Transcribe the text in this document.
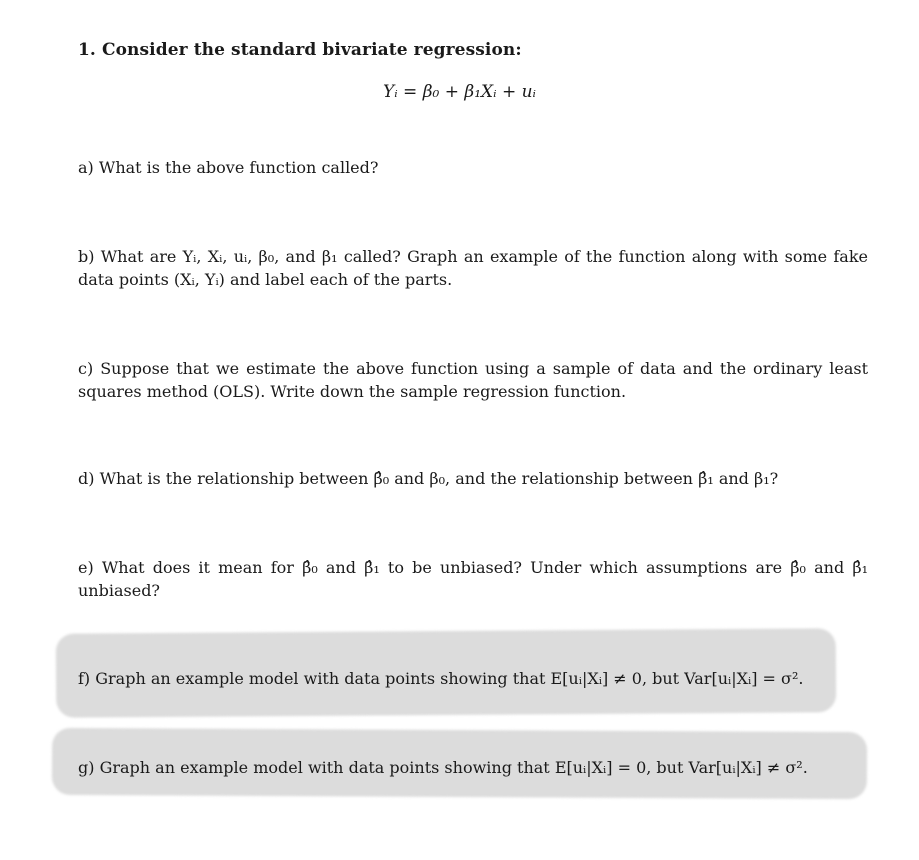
1. Consider the standard bivariate regression:
Yᵢ = β₀ + β₁Xᵢ + uᵢ
a) What is the above function called?
b) What are Yᵢ, Xᵢ, uᵢ, β₀, and β₁ called? Graph an example of the function along with some fake data points (Xᵢ, Yᵢ) and label each of the parts.
c) Suppose that we estimate the above function using a sample of data and the ordinary least squares method (OLS). Write down the sample regression function.
d) What is the relationship between β̂₀ and β₀, and the relationship between β̂₁ and β₁?
e) What does it mean for β̂₀ and β̂₁ to be unbiased? Under which assumptions are β̂₀ and β̂₁ unbiased?
f) Graph an example model with data points showing that E[uᵢ|Xᵢ] ≠ 0, but Var[uᵢ|Xᵢ] = σ².
g) Graph an example model with data points showing that E[uᵢ|Xᵢ] = 0, but Var[uᵢ|Xᵢ] ≠ σ².
